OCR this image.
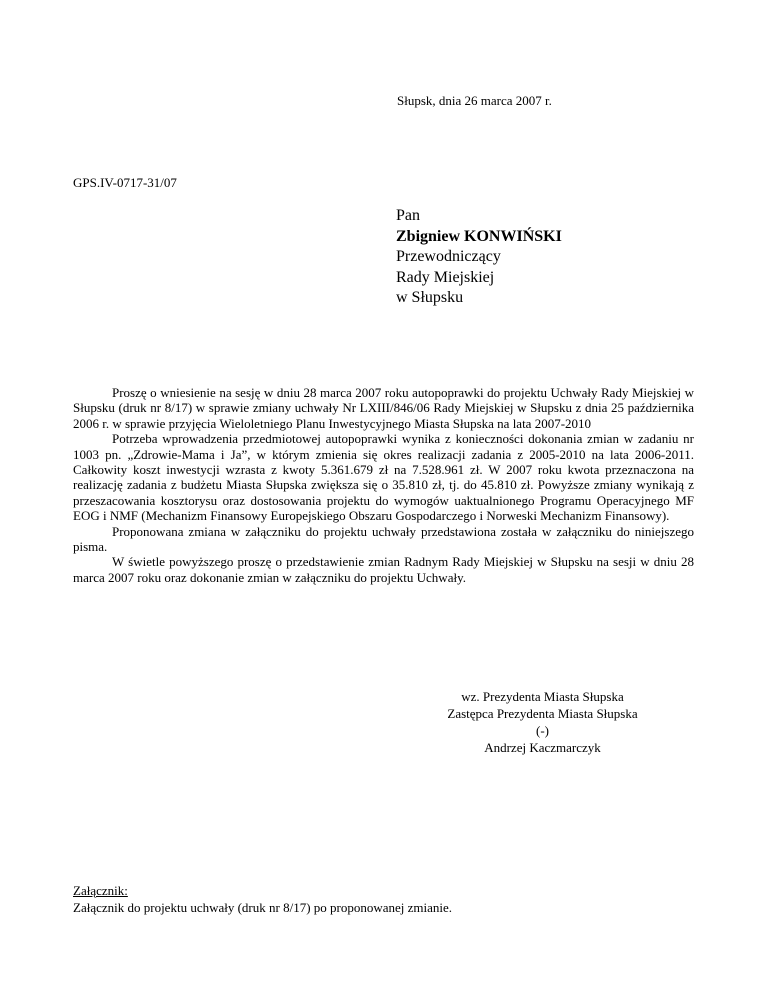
Słupsk, dnia 26 marca 2007 r.
GPS.IV-0717-31/07
Pan
Zbigniew KONWIŃSKI
Przewodniczący
Rady Miejskiej
w Słupsku

Proszę o wniesienie na sesję w dniu 28 marca 2007 roku autopoprawki do projektu Uchwały Rady Miejskiej w Słupsku (druk nr 8/17) w sprawie zmiany uchwały Nr LXIII/846/06 Rady Miejskiej w Słupsku z dnia 25 października 2006 r. w sprawie przyjęcia Wieloletniego Planu Inwestycyjnego Miasta Słupska na lata 2007-2010

Potrzeba wprowadzenia przedmiotowej autopoprawki wynika z konieczności dokonania zmian w zadaniu nr 1003 pn. „Zdrowie-Mama i Ja”, w którym zmienia się okres realizacji zadania z 2005-2010 na lata 2006-2011. Całkowity koszt inwestycji wzrasta z kwoty 5.361.679 zł na 7.528.961 zł. W 2007 roku kwota przeznaczona na realizację zadania z budżetu Miasta Słupska zwiększa się o 35.810 zł, tj. do 45.810 zł. Powyższe zmiany wynikają z przeszacowania kosztorysu oraz dostosowania projektu do wymogów uaktualnionego Programu Operacyjnego MF EOG i NMF (Mechanizm Finansowy Europejskiego Obszaru Gospodarczego i Norweski Mechanizm Finansowy).

Proponowana zmiana w załączniku do projektu uchwały przedstawiona została w załączniku do niniejszego pisma.

W świetle powyższego proszę o przedstawienie zmian Radnym Rady Miejskiej w Słupsku na sesji w dniu 28 marca 2007 roku oraz dokonanie zmian w załączniku do projektu Uchwały.

wz. Prezydenta Miasta Słupska
Zastępca Prezydenta Miasta Słupska
(-)
Andrzej Kaczmarczyk
Załącznik:
Załącznik do projektu uchwały (druk nr 8/17) po proponowanej zmianie.
